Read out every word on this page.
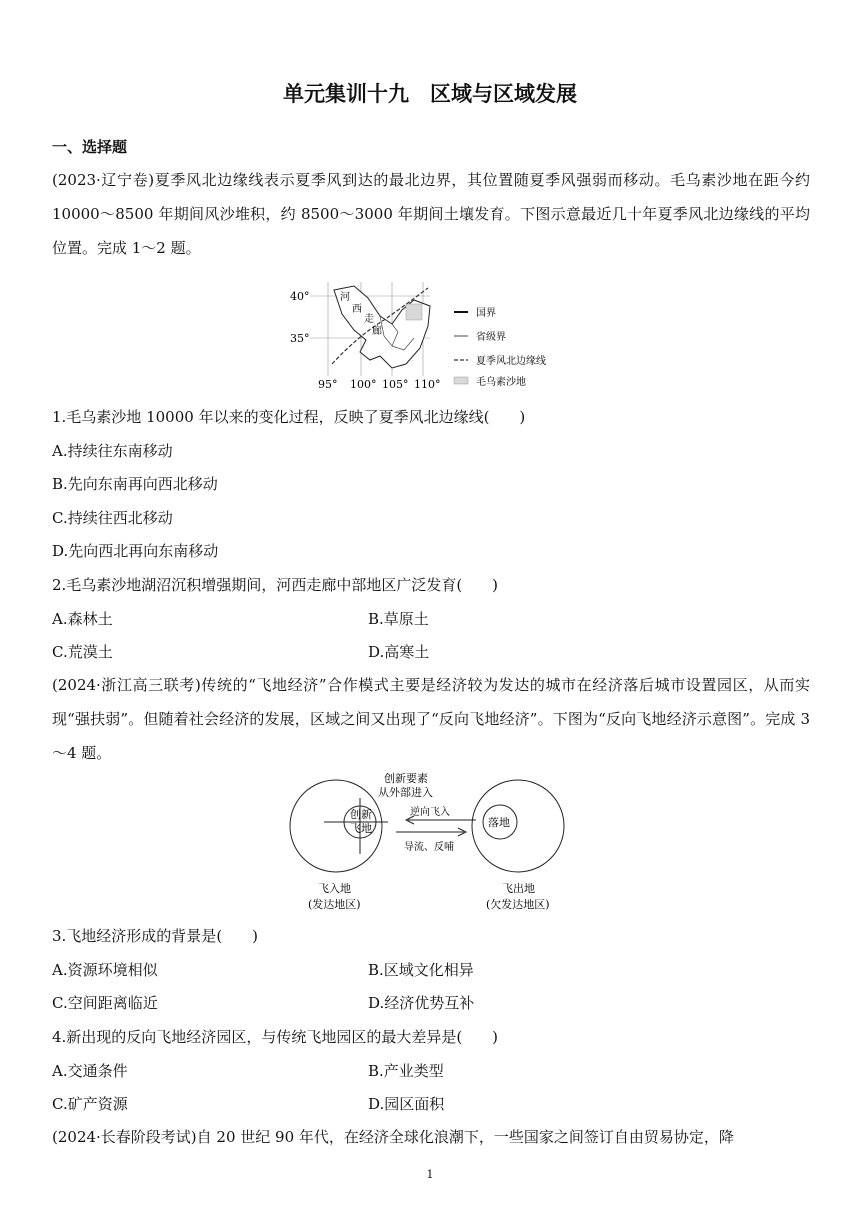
单元集训十九　区域与区域发展
一、选择题
(2023·辽宁卷)夏季风北边缘线表示夏季风到达的最北边界，其位置随夏季风强弱而移动。毛乌素沙地在距今约 10000～8500 年期间风沙堆积，约 8500～3000 年期间土壤发育。下图示意最近几十年夏季风北边缘线的平均位置。完成 1～2 题。
河
西
走
廊
40°
35°
95° 100° 105° 110°
国界
省级界
夏季风北边缘线
毛乌素沙地
1.毛乌素沙地 10000 年以来的变化过程，反映了夏季风北边缘线(　　)
A.持续往东南移动
B.先向东南再向西北移动
C.持续往西北移动
D.先向西北再向东南移动
2.毛乌素沙地湖沼沉积增强期间，河西走廊中部地区广泛发育(　　)
A.森林土	B.草原土
C.荒漠土	D.高寒土
(2024·浙江高三联考)传统的“飞地经济”合作模式主要是经济较为发达的城市在经济落后城市设置园区，从而实现“强扶弱”。但随着社会经济的发展，区域之间又出现了“反向飞地经济”。下图为“反向飞地经济示意图”。完成 3～4 题。
创新要素
从外部进入
创新
飞地	落地
逆向飞入
导流、反哺
飞入地
(发达地区)
飞出地
(欠发达地区)
3.飞地经济形成的背景是(　　)
A.资源环境相似	B.区域文化相异
C.空间距离临近	D.经济优势互补
4.新出现的反向飞地经济园区，与传统飞地园区的最大差异是(　　)
A.交通条件	B.产业类型
C.矿产资源	D.园区面积
(2024·长春阶段考试)自 20 世纪 90 年代，在经济全球化浪潮下，一些国家之间签订自由贸易协定，降
1
